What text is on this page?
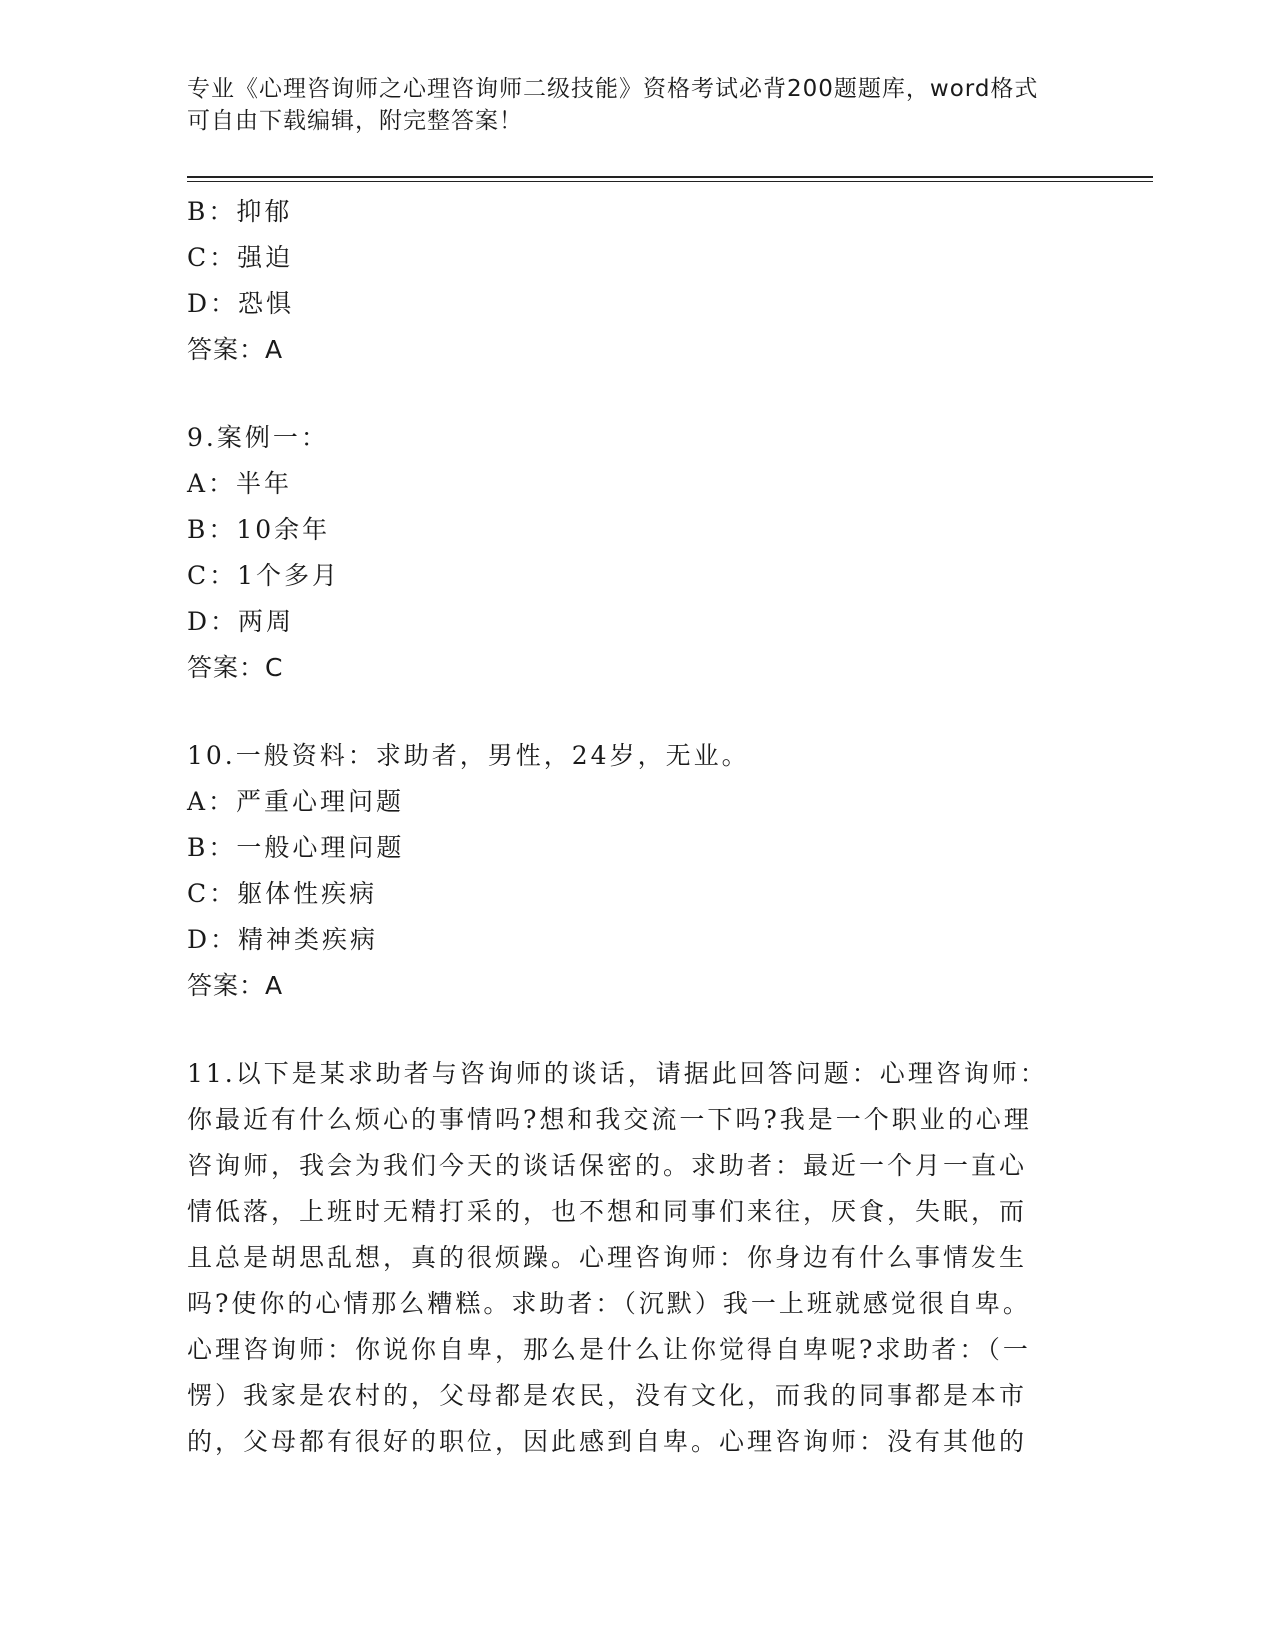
专业《心理咨询师之心理咨询师二级技能》资格考试必背200题题库，word格式
可自由下载编辑，附完整答案！
B：抑郁
C：强迫
D：恐惧
答案：A
9.案例一：
A：半年
B：10余年
C：1个多月
D：两周
答案：C
10.一般资料：求助者，男性，24岁，无业。
A：严重心理问题
B：一般心理问题
C：躯体性疾病
D：精神类疾病
答案：A
11.以下是某求助者与咨询师的谈话，请据此回答问题：心理咨询师：
你最近有什么烦心的事情吗?想和我交流一下吗?我是一个职业的心理
咨询师，我会为我们今天的谈话保密的。求助者：最近一个月一直心
情低落，上班时无精打采的，也不想和同事们来往，厌食，失眠，而
且总是胡思乱想，真的很烦躁。心理咨询师：你身边有什么事情发生
吗?使你的心情那么糟糕。求助者：（沉默）我一上班就感觉很自卑。
心理咨询师：你说你自卑，那么是什么让你觉得自卑呢?求助者：（一
愣）我家是农村的，父母都是农民，没有文化，而我的同事都是本市
的，父母都有很好的职位，因此感到自卑。心理咨询师：没有其他的
